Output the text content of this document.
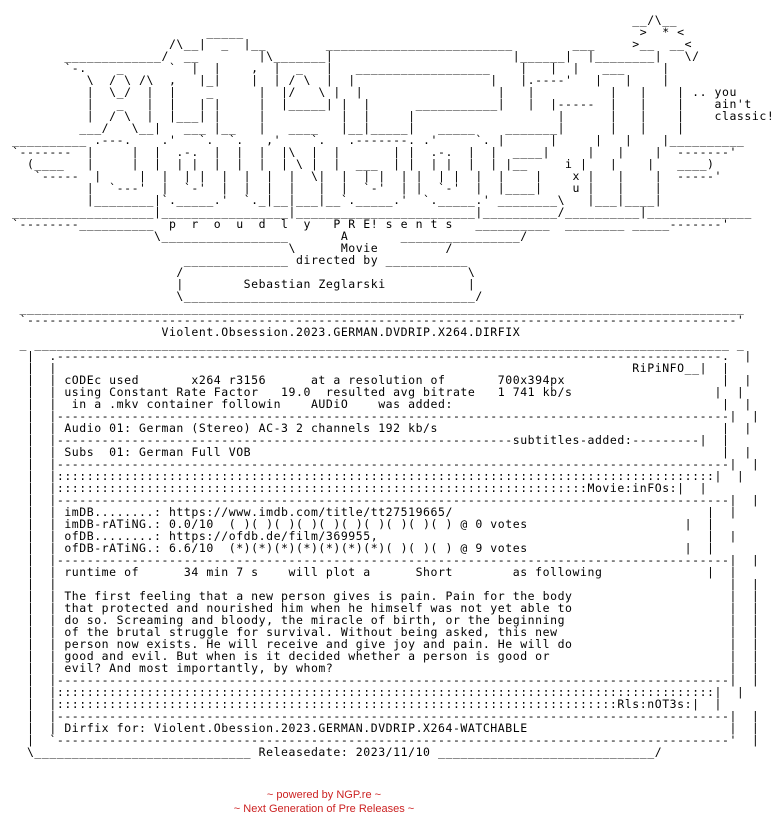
__/\__
_____                                                     >  * <
/\__|  _  |__        _________________________        ___     >__  __<
_____________/  __        |\_______|                        |______|  |________|   \/
`-.    _      `  |  |    ,  |  _   |   __________________    |   |  |   ___     |
\  / \ /\  ,   |_|    |  | / \  |  |                  |   |.----'   |   |    |
|  \_/  |  |    _      |  |/   \ |  |                  |   |          |   |    | .. you
|   _   |  |   | |     |  |_____| |  |      ___________|   |  |-----  |   |    |    ain't
|  / \  |  |___| |     |          |  |     |                   |      |   |    |    classic!
___/   \__|   ___ |__   |   ____   |__|_____|   _____    _______|      |   |    |
__________ .---.    .'   `.  `.   ,'    `.   .-------. .'     `. |      |     |   |    |__________
`-------  |     |  |  .-.  |  |  |  |\  |  |       | |  .-.  |  |  ____|     |   |    |  -------'
(____   |     |  |  | |  |  |  |  | \ |  |  ___  | |  | |  |  | |__     i |   |    |   ____)
`-----  |     |  |  | |  |  |  |  |  \|  |  | |  | |  | |  |  |    |    x |   |    |  -----'
|  `---'  |  `-'  |  |  |  |   |  |  `-'  | |  `-'  |  |____|    u |   |    |
|________|`._____.'  `._|__|___|__`._____.'  `._____.' ________\   |___|____|
___________________|_________________|________________________|__________/__________|______________
`--------__________  p  r  o  u  d  l  y   P R E! s e n t s   __________  ________ _____-------'
\_________________       A       ________________/
\      Movie         /
______________ directed by ___________
/                                      \
|        Sebastian Zeglarski           |
\_______________________________________/
_________________________________________________________________________________________________
`-----------------------------------------------------------------------------------------------'
Violent.Obsession.2023.GERMAN.DVDRIP.X264.DIRFIX
_ _____________________________________________________________________________________________ _
|  .-----------------------------------------------------------------------------------------.  |
|  |                                                                             RiPiNFO__|  |
|  | cODEc used       x264 r3156      at a resolution of       700x394px                     |  |
|  | using Constant Rate Factor   19.0  resulted avg bitrate   1 741 kb/s                   |  |
|  |  in a .mkv container followin    AUDiO    was added:                                    |  |
|  |------------------------------------------------------------------------------------------|  |
|  | Audio 01: German (Stereo) AC-3 2 channels 192 kb/s                                      |  |
|  |-------------------------------------------------------------subtitles-added:---------|  |
|  | Subs  01: German Full VOB                                                               |  |
|  |------------------------------------------------------------------------------------------|  |
|  |::::::::::::::::::::::::::::::::::::::::::::::::::::::::::::::::::::::::::::::::::::::::|  |
|  |:::::::::::::::::::::::::::::::::::::::::::::::::::::::::::::::::::::::Movie:inFOs:|  |
|  |------------------------------------------------------------------------------------------|  |
|  | imDB........: https://www.imdb.com/title/tt27519665/                                  |  |
|  | imDB-rATiNG.: 0.0/10  ( )( )( )( )( )( )( )( )( )( ) @ 0 votes                     |  |
|  | ofDB........: https://ofdb.de/film/369955,                                            |  |
|  | ofDB-rATiNG.: 6.6/10  (*)(*)(*)(*)(*)(*)(*)( )( )( ) @ 9 votes                     |  |
|  |------------------------------------------------------------------------------------------|  |
|  | runtime of      34 min 7 s    will plot a      Short        as following              |  |
|  |                                                                                          |  |
|  | The first feeling that a new person gives is pain. Pain for the body                     |  |
|  | that protected and nourished him when he himself was not yet able to                     |  |
|  | do so. Screaming and bloody, the miracle of birth, or the beginning                      |  |
|  | of the brutal struggle for survival. Without being asked, this new                       |  |
|  | person now exists. He will receive and give joy and pain. He will do                     |  |
|  | good and evil. But when is it decided whether a person is good or                        |  |
|  | evil? And most importantly, by whom?                                                     |  |
|  |------------------------------------------------------------------------------------------|  |
|  |::::::::::::::::::::::::::::::::::::::::::::::::::::::::::::::::::::::::::::::::::::::::|  |
|  |:::::::::::::::::::::::::::::::::::::::::::::::::::::::::::::::::::::::::::Rls:nOT3s:|  |
|  |------------------------------------------------------------------------------------------|  |
|  | Dirfix for: Violent.Obession.2023.GERMAN.DVDRIP.X264-WATCHABLE                           |  |
|  `------------------------------------------------------------------------------------------'  |
\_____________________________ Releasedate: 2023/11/10 _____________________________/
~ powered by NGP.re ~
~ Next Generation of Pre Releases ~
